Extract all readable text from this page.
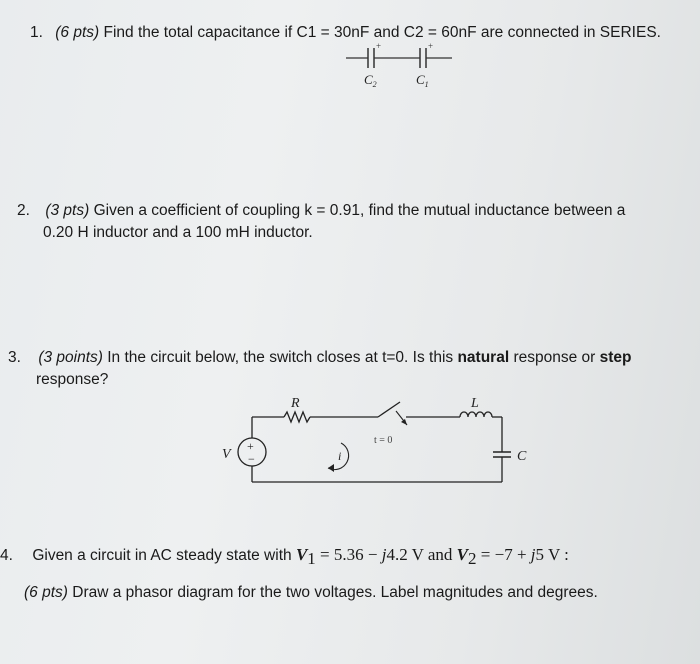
1. (6 pts) Find the total capacitance if C1 = 30nF and C2 = 60nF are connected in SERIES.
+	+
$C_2$	$C_1$
2. (3 pts) Given a coefficient of coupling k = 0.91, find the mutual inductance between a
0.20 H inductor and a 100 mH inductor.
3. (3 points) In the circuit below, the switch closes at t=0. Is this natural response or step
response?
+
−
R	L
C
V	i
t = 0
4. Given a circuit in AC steady state with $V_1 = 5.36 - j4.2$ V and $V_2 = -7 + j5$ V :
(6 pts) Draw a phasor diagram for the two voltages. Label magnitudes and degrees.
